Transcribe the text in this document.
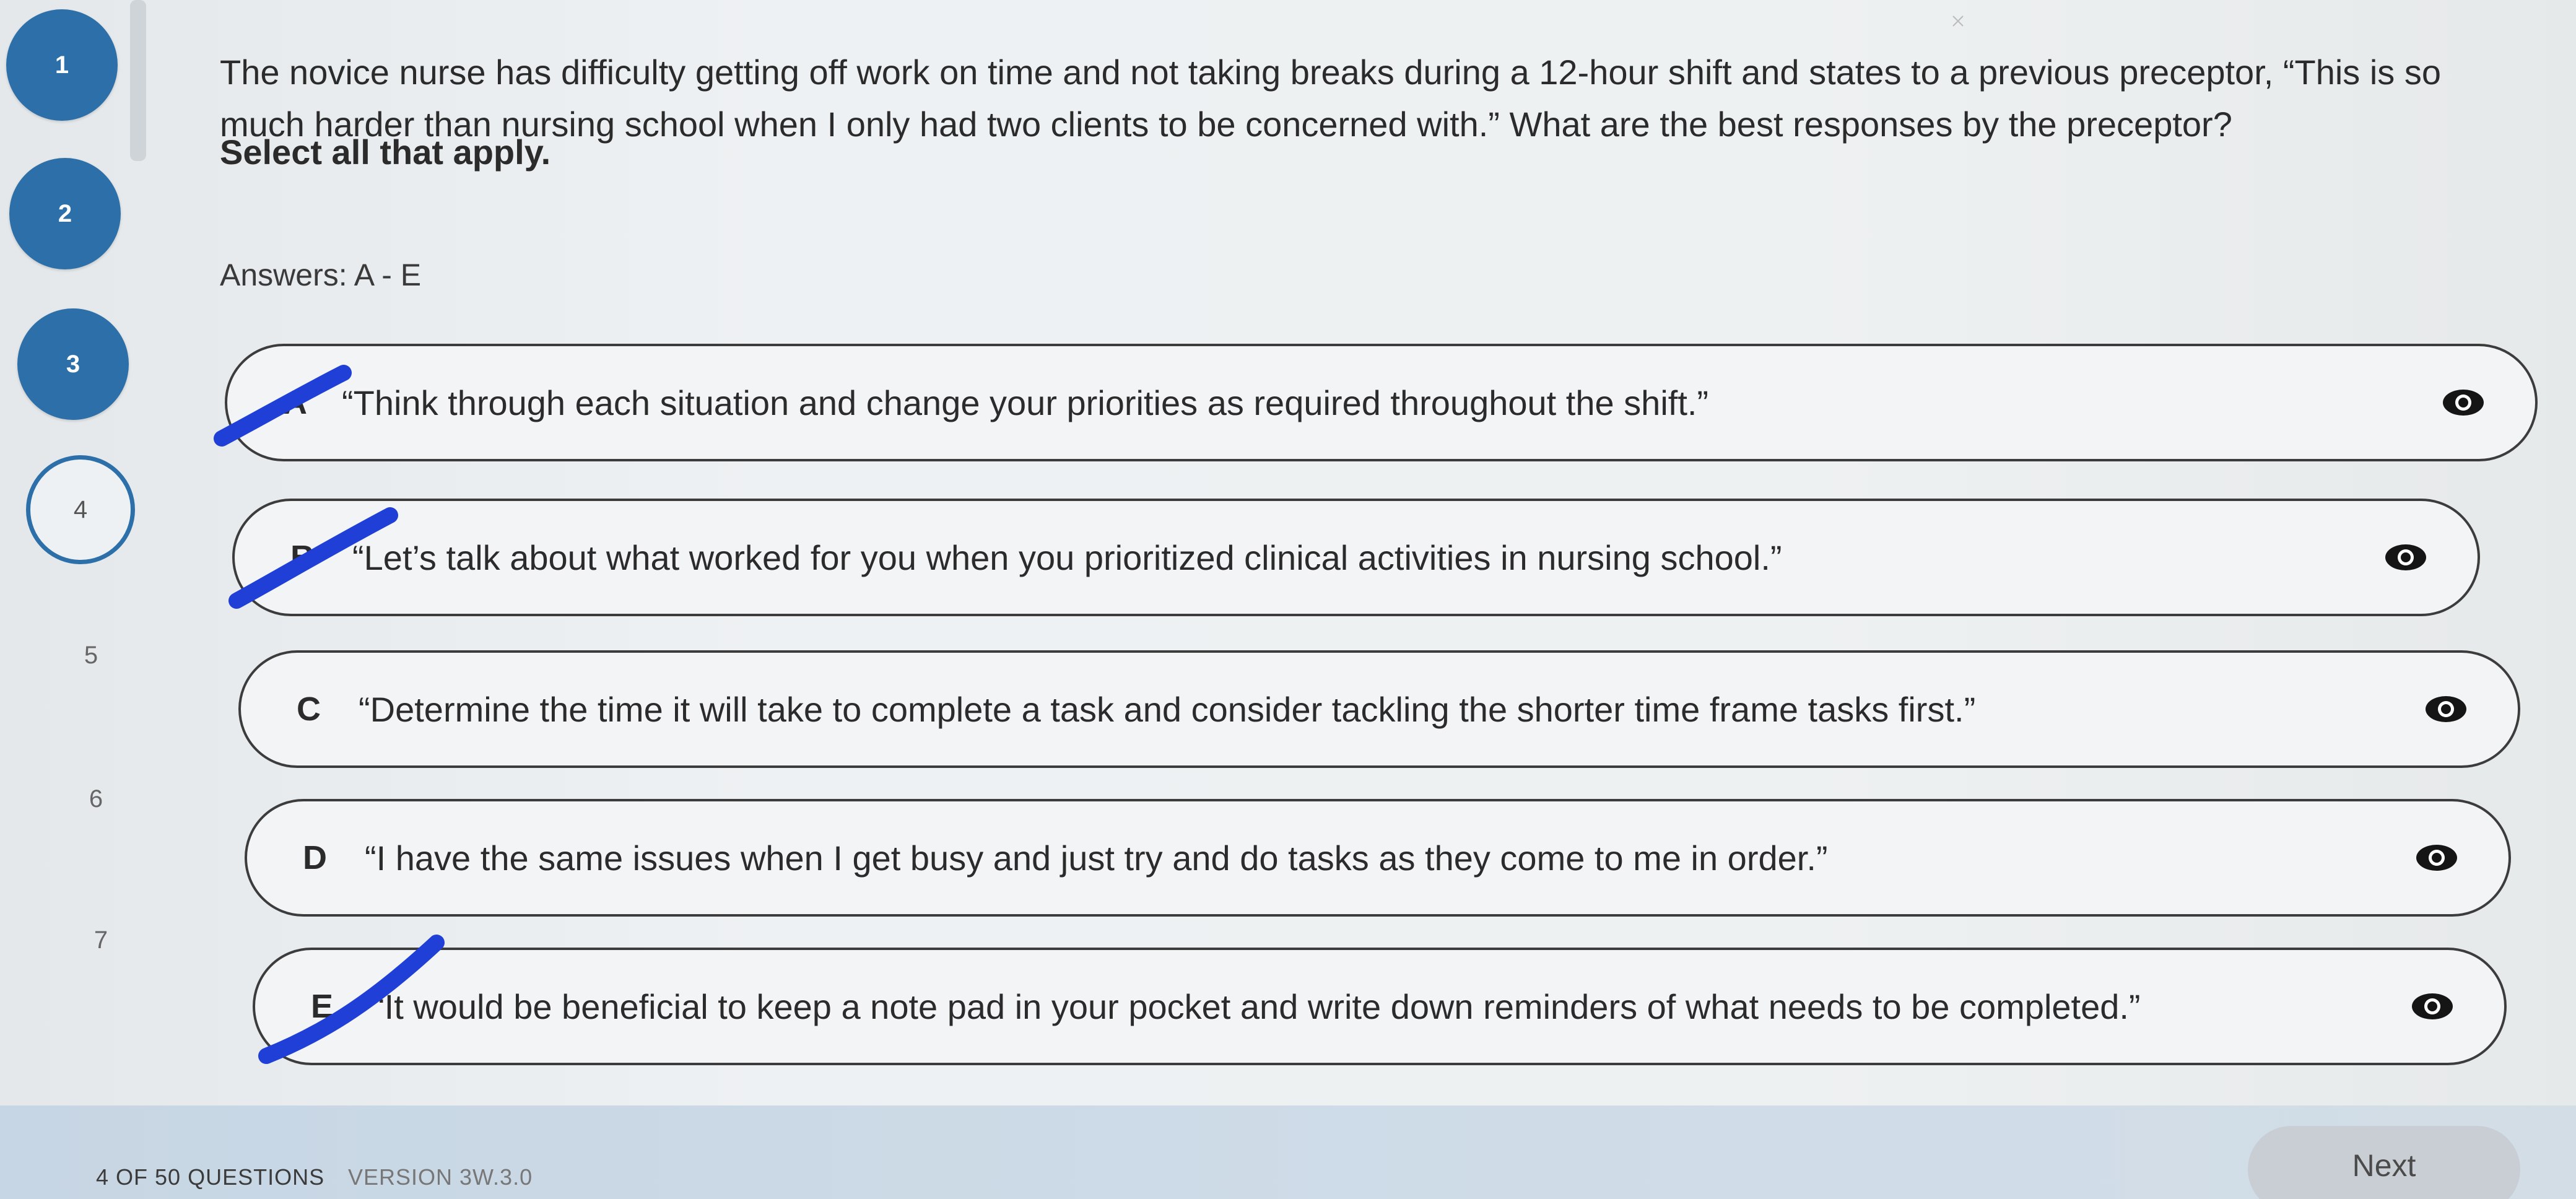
1
2
3
4
5
6
7
The novice nurse has difficulty getting off work on time and not taking breaks during a 12-hour shift and states to a previous preceptor, “This is so much harder than nursing school when I only had two clients to be concerned with.” What are the best responses by the preceptor?
Select all that apply.
Answers: A - E
A “Think through each situation and change your priorities as required throughout the shift.”
B “Let’s talk about what worked for you when you prioritized clinical activities in nursing school.”
C “Determine the time it will take to complete a task and consider tackling the shorter time frame tasks first.”
D “I have the same issues when I get busy and just try and do tasks as they come to me in order.”
E “It would be beneficial to keep a note pad in your pocket and write down reminders of what needs to be completed.”
4 OF 50 QUESTIONS VERSION 3W.3.0	Next
